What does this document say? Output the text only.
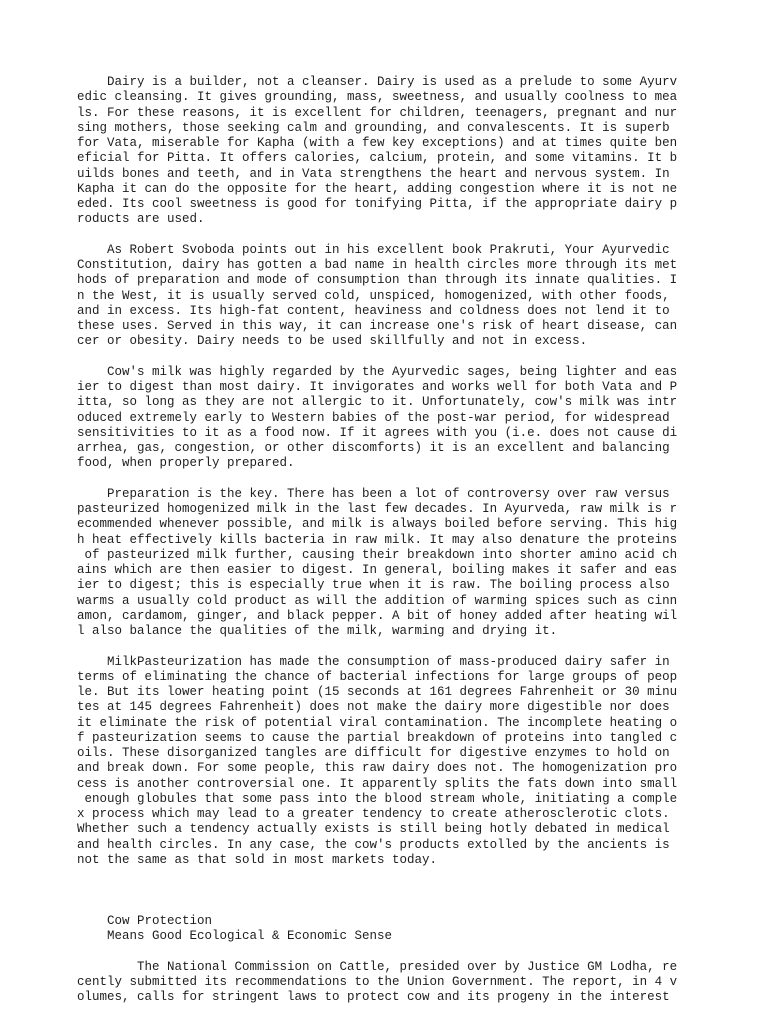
Dairy is a builder, not a cleanser. Dairy is used as a prelude to some Ayurv
edic cleansing. It gives grounding, mass, sweetness, and usually coolness to mea
ls. For these reasons, it is excellent for children, teenagers, pregnant and nur
sing mothers, those seeking calm and grounding, and convalescents. It is superb
for Vata, miserable for Kapha (with a few key exceptions) and at times quite ben
eficial for Pitta. It offers calories, calcium, protein, and some vitamins. It b
uilds bones and teeth, and in Vata strengthens the heart and nervous system. In
Kapha it can do the opposite for the heart, adding congestion where it is not ne
eded. Its cool sweetness is good for tonifying Pitta, if the appropriate dairy p
roducts are used.
As Robert Svoboda points out in his excellent book Prakruti, Your Ayurvedic
Constitution, dairy has gotten a bad name in health circles more through its met
hods of preparation and mode of consumption than through its innate qualities. I
n the West, it is usually served cold, unspiced, homogenized, with other foods,
and in excess. Its high-fat content, heaviness and coldness does not lend it to
these uses. Served in this way, it can increase one's risk of heart disease, can
cer or obesity. Dairy needs to be used skillfully and not in excess.
Cow's milk was highly regarded by the Ayurvedic sages, being lighter and eas
ier to digest than most dairy. It invigorates and works well for both Vata and P
itta, so long as they are not allergic to it. Unfortunately, cow's milk was intr
oduced extremely early to Western babies of the post-war period, for widespread
sensitivities to it as a food now. If it agrees with you (i.e. does not cause di
arrhea, gas, congestion, or other discomforts) it is an excellent and balancing
food, when properly prepared.
Preparation is the key. There has been a lot of controversy over raw versus
pasteurized homogenized milk in the last few decades. In Ayurveda, raw milk is r
ecommended whenever possible, and milk is always boiled before serving. This hig
h heat effectively kills bacteria in raw milk. It may also denature the proteins
of pasteurized milk further, causing their breakdown into shorter amino acid ch
ains which are then easier to digest. In general, boiling makes it safer and eas
ier to digest; this is especially true when it is raw. The boiling process also
warms a usually cold product as will the addition of warming spices such as cinn
amon, cardamom, ginger, and black pepper. A bit of honey added after heating wil
l also balance the qualities of the milk, warming and drying it.
MilkPasteurization has made the consumption of mass-produced dairy safer in
terms of eliminating the chance of bacterial infections for large groups of peop
le. But its lower heating point (15 seconds at 161 degrees Fahrenheit or 30 minu
tes at 145 degrees Fahrenheit) does not make the dairy more digestible nor does
it eliminate the risk of potential viral contamination. The incomplete heating o
f pasteurization seems to cause the partial breakdown of proteins into tangled c
oils. These disorganized tangles are difficult for digestive enzymes to hold on
and break down. For some people, this raw dairy does not. The homogenization pro
cess is another controversial one. It apparently splits the fats down into small
enough globules that some pass into the blood stream whole, initiating a comple
x process which may lead to a greater tendency to create atherosclerotic clots.
Whether such a tendency actually exists is still being hotly debated in medical
and health circles. In any case, the cow's products extolled by the ancients is
not the same as that sold in most markets today.
Cow Protection
Means Good Ecological & Economic Sense
The National Commission on Cattle, presided over by Justice GM Lodha, re
cently submitted its recommendations to the Union Government. The report, in 4 v
olumes, calls for stringent laws to protect cow and its progeny in the interest
